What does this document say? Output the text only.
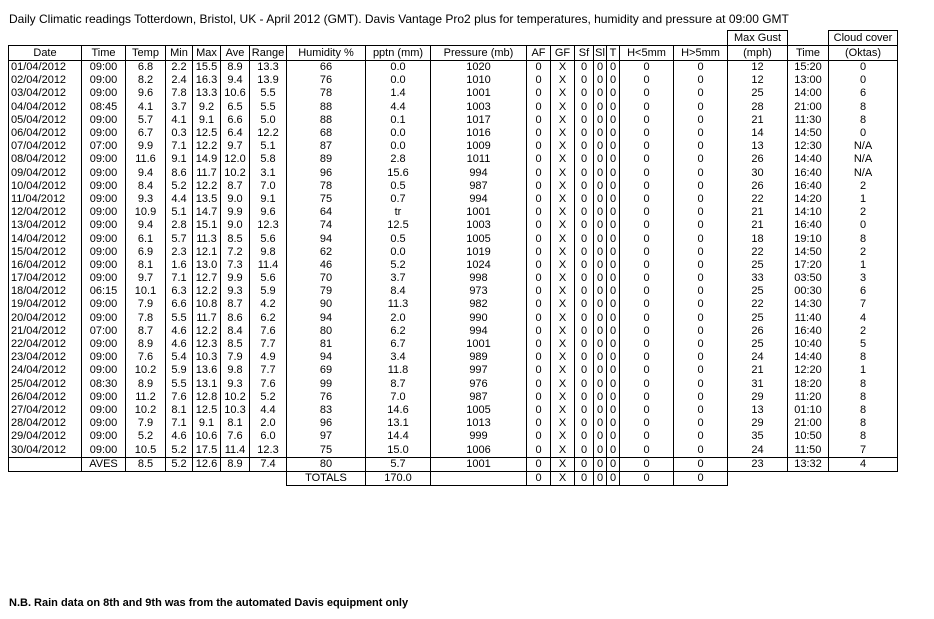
Daily Climatic readings Totterdown, Bristol, UK - April 2012 (GMT). Davis Vantage Pro2 plus for temperatures, humidity and pressure at 09:00 GMT
																	Max Gust		Cloud cover
Date	Time	Temp	Min	Max	Ave	Range	Humidity %	pptn (mm)	Pressure (mb)	AF	GF	Sf	Sl	T	H<5mm	H>5mm	(mph)	Time	(Oktas)
01/04/2012	09:00	6.8	2.2	15.5	8.9	13.3	66	0.0	1020	0	X	0	0	0	0	0	12	15:20	0
02/04/2012	09:00	8.2	2.4	16.3	9.4	13.9	76	0.0	1010	0	X	0	0	0	0	0	12	13:00	0
03/04/2012	09:00	9.6	7.8	13.3	10.6	5.5	78	1.4	1001	0	X	0	0	0	0	0	25	14:00	6
04/04/2012	08:45	4.1	3.7	9.2	6.5	5.5	88	4.4	1003	0	X	0	0	0	0	0	28	21:00	8
05/04/2012	09:00	5.7	4.1	9.1	6.6	5.0	88	0.1	1017	0	X	0	0	0	0	0	21	11:30	8
06/04/2012	09:00	6.7	0.3	12.5	6.4	12.2	68	0.0	1016	0	X	0	0	0	0	0	14	14:50	0
07/04/2012	07:00	9.9	7.1	12.2	9.7	5.1	87	0.0	1009	0	X	0	0	0	0	0	13	12:30	N/A
08/04/2012	09:00	11.6	9.1	14.9	12.0	5.8	89	2.8	1011	0	X	0	0	0	0	0	26	14:40	N/A
09/04/2012	09:00	9.4	8.6	11.7	10.2	3.1	96	15.6	994	0	X	0	0	0	0	0	30	16:40	N/A
10/04/2012	09:00	8.4	5.2	12.2	8.7	7.0	78	0.5	987	0	X	0	0	0	0	0	26	16:40	2
11/04/2012	09:00	9.3	4.4	13.5	9.0	9.1	75	0.7	994	0	X	0	0	0	0	0	22	14:20	1
12/04/2012	09:00	10.9	5.1	14.7	9.9	9.6	64	tr	1001	0	X	0	0	0	0	0	21	14:10	2
13/04/2012	09:00	9.4	2.8	15.1	9.0	12.3	74	12.5	1003	0	X	0	0	0	0	0	21	16:40	0
14/04/2012	09:00	6.1	5.7	11.3	8.5	5.6	94	0.5	1005	0	X	0	0	0	0	0	18	19:10	8
15/04/2012	09:00	6.9	2.3	12.1	7.2	9.8	62	0.0	1019	0	X	0	0	0	0	0	22	14:50	2
16/04/2012	09:00	8.1	1.6	13.0	7.3	11.4	46	5.2	1024	0	X	0	0	0	0	0	25	17:20	1
17/04/2012	09:00	9.7	7.1	12.7	9.9	5.6	70	3.7	998	0	X	0	0	0	0	0	33	03:50	3
18/04/2012	06:15	10.1	6.3	12.2	9.3	5.9	79	8.4	973	0	X	0	0	0	0	0	25	00:30	6
19/04/2012	09:00	7.9	6.6	10.8	8.7	4.2	90	11.3	982	0	X	0	0	0	0	0	22	14:30	7
20/04/2012	09:00	7.8	5.5	11.7	8.6	6.2	94	2.0	990	0	X	0	0	0	0	0	25	11:40	4
21/04/2012	07:00	8.7	4.6	12.2	8.4	7.6	80	6.2	994	0	X	0	0	0	0	0	26	16:40	2
22/04/2012	09:00	8.9	4.6	12.3	8.5	7.7	81	6.7	1001	0	X	0	0	0	0	0	25	10:40	5
23/04/2012	09:00	7.6	5.4	10.3	7.9	4.9	94	3.4	989	0	X	0	0	0	0	0	24	14:40	8
24/04/2012	09:00	10.2	5.9	13.6	9.8	7.7	69	11.8	997	0	X	0	0	0	0	0	21	12:20	1
25/04/2012	08:30	8.9	5.5	13.1	9.3	7.6	99	8.7	976	0	X	0	0	0	0	0	31	18:20	8
26/04/2012	09:00	11.2	7.6	12.8	10.2	5.2	76	7.0	987	0	X	0	0	0	0	0	29	11:20	8
27/04/2012	09:00	10.2	8.1	12.5	10.3	4.4	83	14.6	1005	0	X	0	0	0	0	0	13	01:10	8
28/04/2012	09:00	7.9	7.1	9.1	8.1	2.0	96	13.1	1013	0	X	0	0	0	0	0	29	21:00	8
29/04/2012	09:00	5.2	4.6	10.6	7.6	6.0	97	14.4	999	0	X	0	0	0	0	0	35	10:50	8
30/04/2012	09:00	10.5	5.2	17.5	11.4	12.3	75	15.0	1006	0	X	0	0	0	0	0	24	11:50	7
	AVES	8.5	5.2	12.6	8.9	7.4	80	5.7	1001	0	X	0	0	0	0	0	23	13:32	4
							TOTALS	170.0		0	X	0	0	0	0	0			
N.B. Rain data on 8th and 9th was from the automated Davis equipment only
